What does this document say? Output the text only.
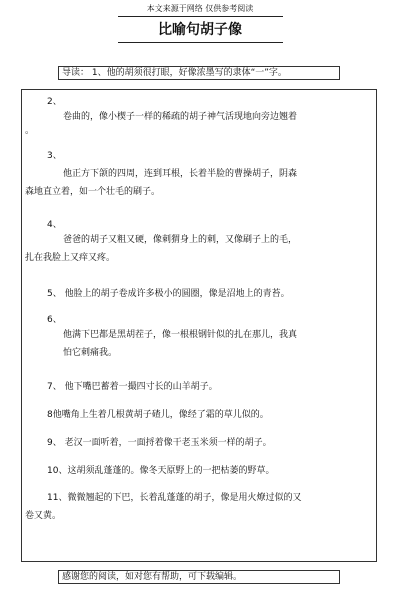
本文来源于网络 仅供参考阅读
比喻句胡子像
导读： 1、他的胡须很打眼，好像浓墨写的隶体“一”字。
2、
卷曲的，像小楔子一样的稀疏的胡子神气活现地向旁边翘着
。
3、
他正方下颌的四周，连到耳根，长着半脸的曹操胡子，阴森
森地直立着，如一个壮毛的刷子。
4、
爸爸的胡子又粗又硬，像刺猬身上的刺，又像刷子上的毛，
扎在我脸上又痒又疼。
5、 他脸上的胡子卷成许多极小的圆圈，像是沼地上的青苔。
6、
他满下巴都是黑胡茬子，像一根根钢针似的扎在那儿，我真
怕它刺痛我。
7、 他下嘴巴蓄着一撮四寸长的山羊胡子。
8他嘴角上生着几根黄胡子碴儿，像经了霜的草儿似的。
9、 老汉一面听着，一面捋着像干老玉米须一样的胡子。
10、这胡须乱蓬蓬的。像冬天原野上的一把枯萎的野草。
11、微微翘起的下巴，长着乱蓬蓬的胡子，像是用火燎过似的又
卷又黄。
感谢您的阅读，如对您有帮助，可下载编辑。
